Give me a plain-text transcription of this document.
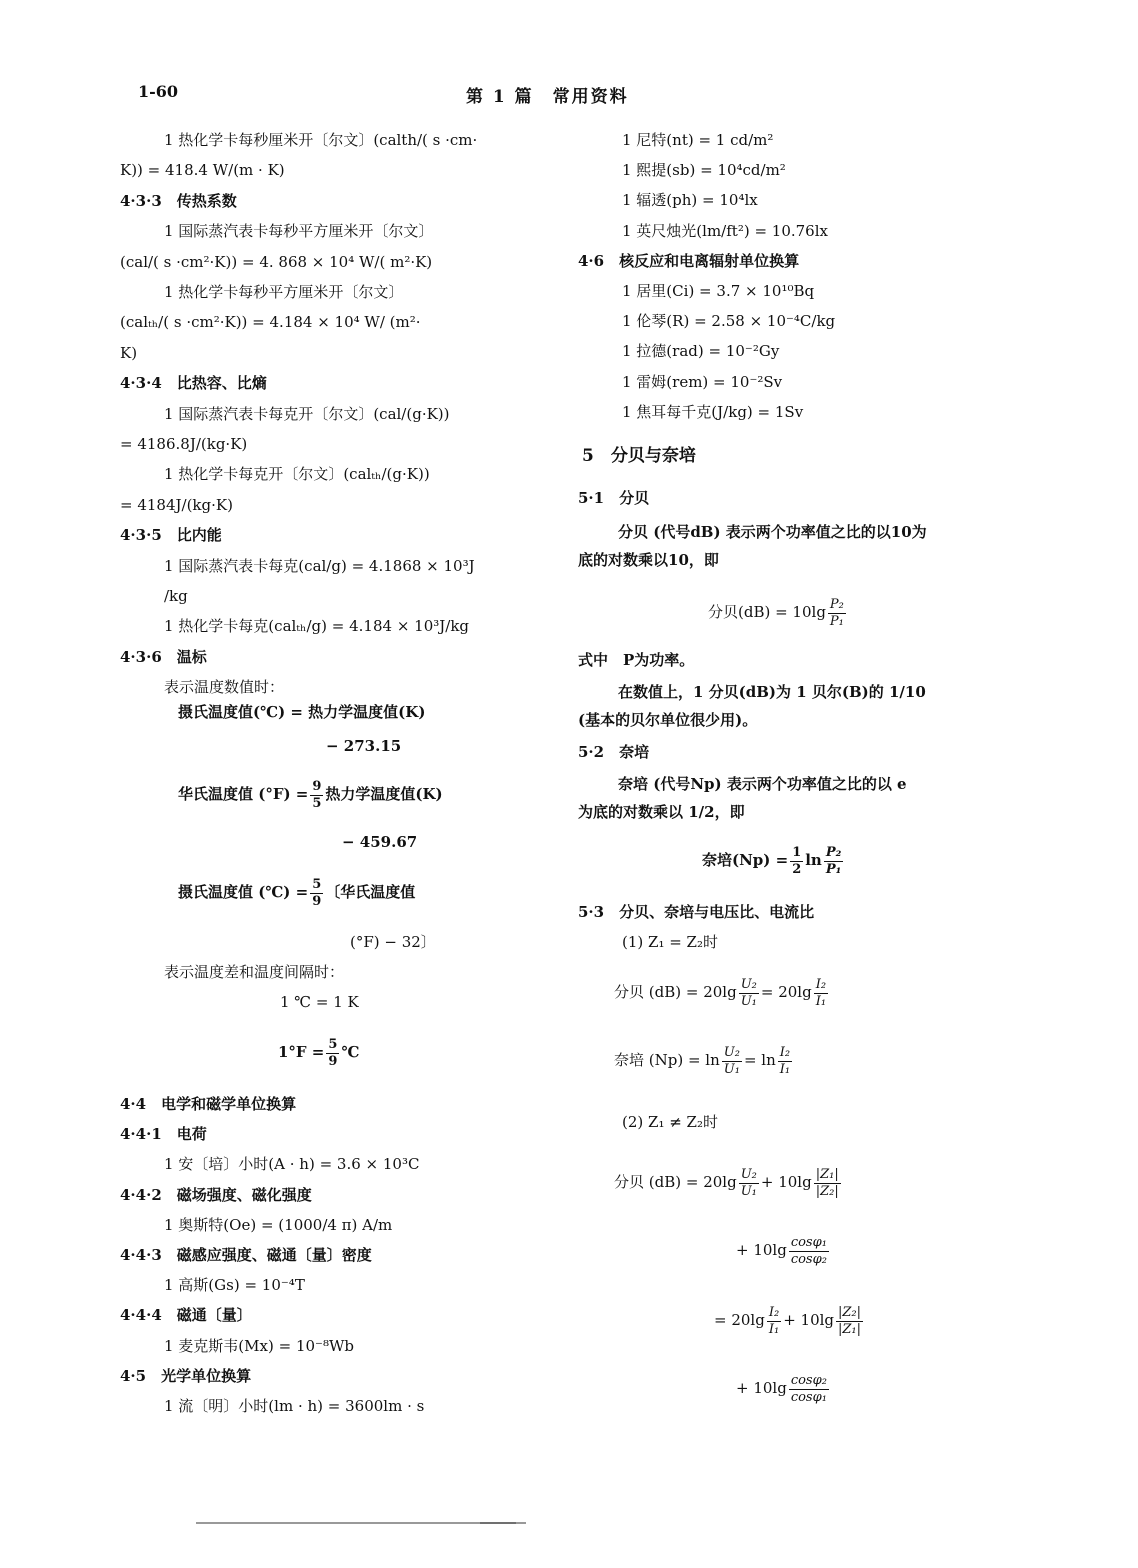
1-60	第 1 篇　常用资料
1 热化学卡每秒厘米开〔尔文〕(calth/( s ·cm·
K)) = 418.4 W/(m · K)
4·3·3　传热系数
1 国际蒸汽表卡每秒平方厘米开〔尔文〕
(cal/( s ·cm²·K)) = 4. 868 × 10⁴ W/( m²·K)
1 热化学卡每秒平方厘米开〔尔文〕
(calₜₕ/( s ·cm²·K)) = 4.184 × 10⁴ W/ (m²·
K)
4·3·4　比热容、比熵
1 国际蒸汽表卡每克开〔尔文〕(cal/(g·K))
= 4186.8J/(kg·K)
1 热化学卡每克开〔尔文〕(calₜₕ/(g·K))
= 4184J/(kg·K)
4·3·5　比内能
1 国际蒸汽表卡每克(cal/g) = 4.1868 × 10³J
/kg
1 热化学卡每克(calₜₕ/g) = 4.184 × 10³J/kg
4·3·6　温标
表示温度数值时：
摄氏温度值(℃) = 热力学温度值(K)
− 273.15
华氏温度值 $(^\circ F) = \frac{9}{5}$ 热力学温度值(K)
− 459.67
摄氏温度值 (℃) = $\frac{5}{9}$ 〔华氏温度值
(°F) − 32〕
表示温度差和温度间隔时：
1 ℃ = 1 K
$1^\circ F = \frac{5}{9}$ ℃
4·4　电学和磁学单位换算
4·4·1　电荷
1 安〔培〕小时(A · h) = 3.6 × 10³C
4·4·2　磁场强度、磁化强度
1 奥斯特(Oe) = (1000/4 π) A/m
4·4·3　磁感应强度、磁通〔量〕密度
1 高斯(Gs) = 10⁻⁴T
4·4·4　磁通〔量〕
1 麦克斯韦(Mx) = 10⁻⁸Wb
4·5　光学单位换算
1 流〔明〕小时(lm · h) = 3600lm · s
1 尼特(nt) = 1 cd/m²
1 熙提(sb) = 10⁴cd/m²
1 辐透(ph) = 10⁴lx
1 英尺烛光(lm/ft²) = 10.76lx
4·6　核反应和电离辐射单位换算
1 居里(Ci) = 3.7 × 10¹⁰Bq
1 伦琴(R) = 2.58 × 10⁻⁴C/kg
1 拉德(rad) = 10⁻²Gy
1 雷姆(rem) = 10⁻²Sv
1 焦耳每千克(J/kg) = 1Sv
5　分贝与奈培
5·1　分贝
分贝 (代号dB) 表示两个功率值之比的以10为
底的对数乘以10，即
分贝$(dB) = 10\lg \frac{\text{P₂}}{\text{P₁}}$
式中　P为功率。
在数值上，1 分贝(dB)为 1 贝尔(B)的 1/10
(基本的贝尔单位很少用)。
5·2　奈培
奈培 (代号Np) 表示两个功率值之比的以 e
为底的对数乘以 1/2，即
奈培$(Np) = \frac{1}{2}$ $\ln \frac{\text{P₂}}{\text{P₁}}$
5·3　分贝、奈培与电压比、电流比
(1) Z₁ = Z₂时
分贝 $(dB) = 20\lg \frac{\text{U₂}}{\text{U₁}} = 20\lg \frac{\text{I₂}}{\text{I₁}}$
奈培 $(Np) = \ln \frac{\text{U₂}}{\text{U₁}} = \ln \frac{\text{I₂}}{\text{I₁}}$
(2) Z₁ ≠ Z₂时
分贝 $(dB) = 20\lg \frac{\text{U₂}}{\text{U₁}} + 10\lg \frac{\text{|Z₁|}}{\text{|Z₂|}}$
+ $10\lg \frac{\text{cosφ₁}}{\text{cosφ₂}}$
= $20\lg \frac{\text{I₂}}{\text{I₁}} + 10\lg \frac{\text{|Z₂|}}{\text{|Z₁|}}$
+ $10\lg \frac{\text{cosφ₂}}{\text{cosφ₁}}$
